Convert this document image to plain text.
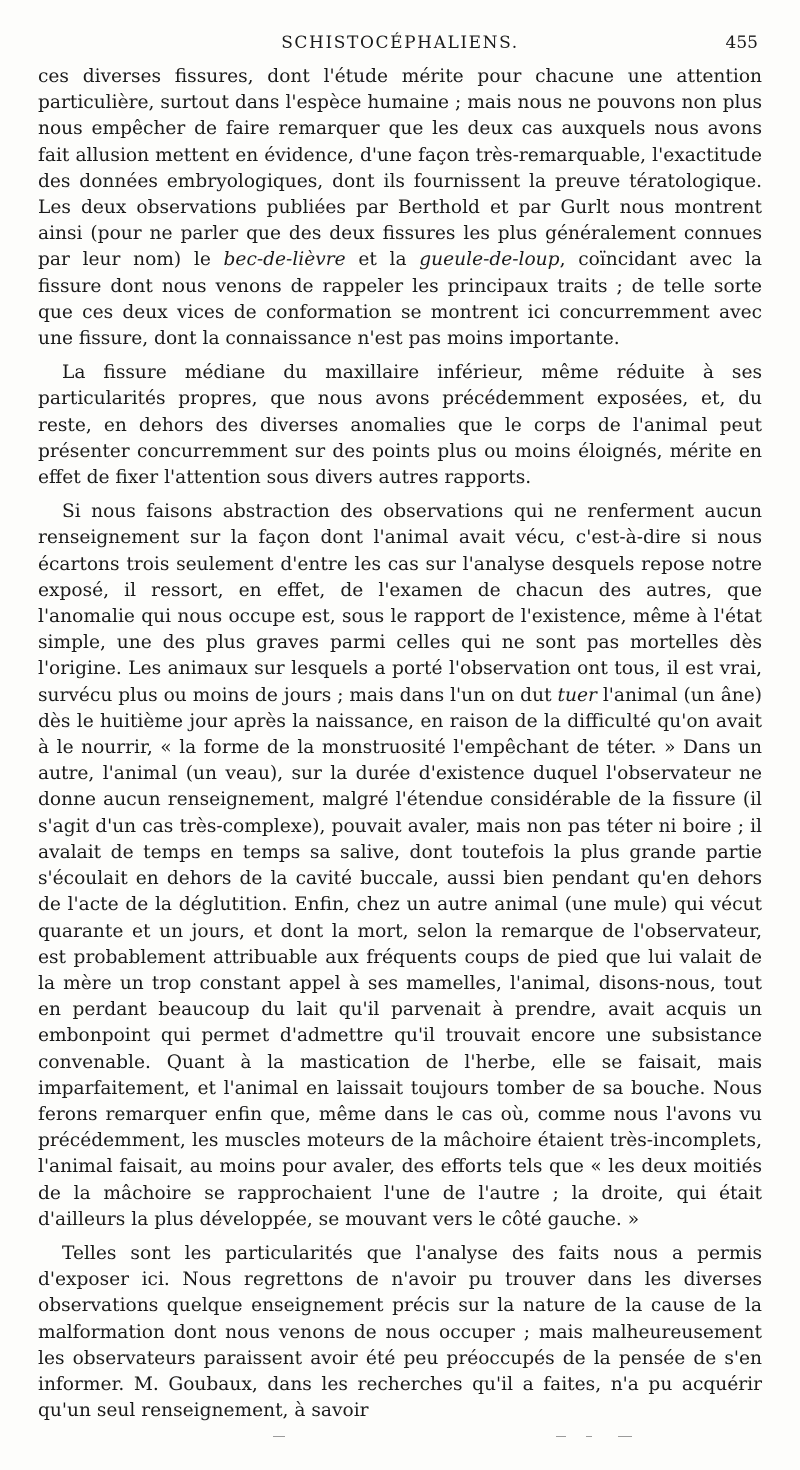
SCHISTOCÉPHALIENS.	455

ces diverses fissures, dont l'étude mérite pour chacune une attention particulière, surtout dans l'espèce humaine ; mais nous ne pouvons non plus nous empêcher de faire remarquer que les deux cas auxquels nous avons fait allusion mettent en évidence, d'une façon très-remarquable, l'exactitude des données embryologiques, dont ils fournissent la preuve tératologique. Les deux observations publiées par Berthold et par Gurlt nous montrent ainsi (pour ne parler que des deux fissures les plus généralement connues par leur nom) le bec-de-lièvre et la gueule-de-loup, coïncidant avec la fissure dont nous venons de rappeler les principaux traits ; de telle sorte que ces deux vices de conformation se montrent ici concurremment avec une fissure, dont la connaissance n'est pas moins importante.

La fissure médiane du maxillaire inférieur, même réduite à ses particularités propres, que nous avons précédemment exposées, et, du reste, en dehors des diverses anomalies que le corps de l'animal peut présenter concurremment sur des points plus ou moins éloignés, mérite en effet de fixer l'attention sous divers autres rapports.

Si nous faisons abstraction des observations qui ne renferment aucun renseignement sur la façon dont l'animal avait vécu, c'est-à-dire si nous écartons trois seulement d'entre les cas sur l'analyse desquels repose notre exposé, il ressort, en effet, de l'examen de chacun des autres, que l'anomalie qui nous occupe est, sous le rapport de l'existence, même à l'état simple, une des plus graves parmi celles qui ne sont pas mortelles dès l'origine. Les animaux sur lesquels a porté l'observation ont tous, il est vrai, survécu plus ou moins de jours ; mais dans l'un on dut tuer l'animal (un âne) dès le huitième jour après la naissance, en raison de la difficulté qu'on avait à le nourrir, « la forme de la monstruosité l'empêchant de téter. » Dans un autre, l'animal (un veau), sur la durée d'existence duquel l'observateur ne donne aucun renseignement, malgré l'étendue considérable de la fissure (il s'agit d'un cas très-complexe), pouvait avaler, mais non pas téter ni boire ; il avalait de temps en temps sa salive, dont toutefois la plus grande partie s'écoulait en dehors de la cavité buccale, aussi bien pendant qu'en dehors de l'acte de la déglutition. Enfin, chez un autre animal (une mule) qui vécut quarante et un jours, et dont la mort, selon la remarque de l'observateur, est probablement attribuable aux fréquents coups de pied que lui valait de la mère un trop constant appel à ses mamelles, l'animal, disons-nous, tout en perdant beaucoup du lait qu'il parvenait à prendre, avait acquis un embonpoint qui permet d'admettre qu'il trouvait encore une subsistance convenable. Quant à la mastication de l'herbe, elle se faisait, mais imparfaitement, et l'animal en laissait toujours tomber de sa bouche. Nous ferons remarquer enfin que, même dans le cas où, comme nous l'avons vu précédemment, les muscles moteurs de la mâchoire étaient très-incomplets, l'animal faisait, au moins pour avaler, des efforts tels que « les deux moitiés de la mâchoire se rapprochaient l'une de l'autre ; la droite, qui était d'ailleurs la plus développée, se mouvant vers le côté gauche. »

Telles sont les particularités que l'analyse des faits nous a permis d'exposer ici. Nous regrettons de n'avoir pu trouver dans les diverses observations quelque enseignement précis sur la nature de la cause de la malformation dont nous venons de nous occuper ; mais malheureusement les observateurs paraissent avoir été peu préoccupés de la pensée de s'en informer. M. Goubaux, dans les recherches qu'il a faites, n'a pu acquérir qu'un seul renseignement, à savoir
